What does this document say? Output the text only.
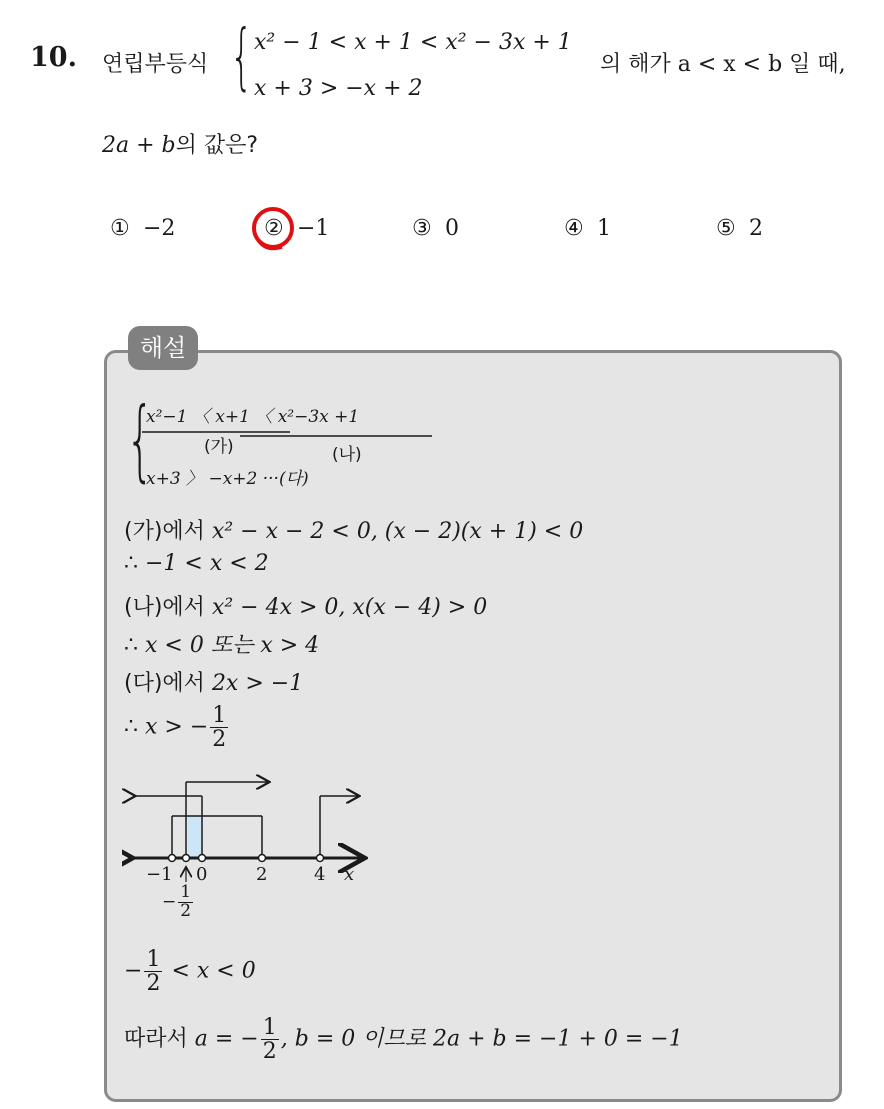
10. 연립부등식 { x² − 1 < x + 1 < x² − 3x + 1
x + 3 > −x + 2
의 해가 a < x < b 일 때,
2a + b의 값은?
① −2	② −1	③ 0	④ 1	⑤ 2
해설
{
x²−1 〈 x+1 〈 x²−3x +1
(가)	(나)
x+3 〉 −x+2 ···(다)
(가)에서 x² − x − 2 < 0, (x − 2)(x + 1) < 0
∴ −1 < x < 2
(나)에서 x² − 4x > 0, x(x − 4) > 0
∴ x < 0 또는 x > 4
(다)에서 2x > −1
∴ x > − $\frac{1}{2}$
−1 0	2	4 x
− $\frac{1}{2}$
− $\frac{1}{2} < x < 0$
따라서 a = − $\frac{1}{2}$ , b = 0 이므로 2a + b = −1 + 0 = −1
